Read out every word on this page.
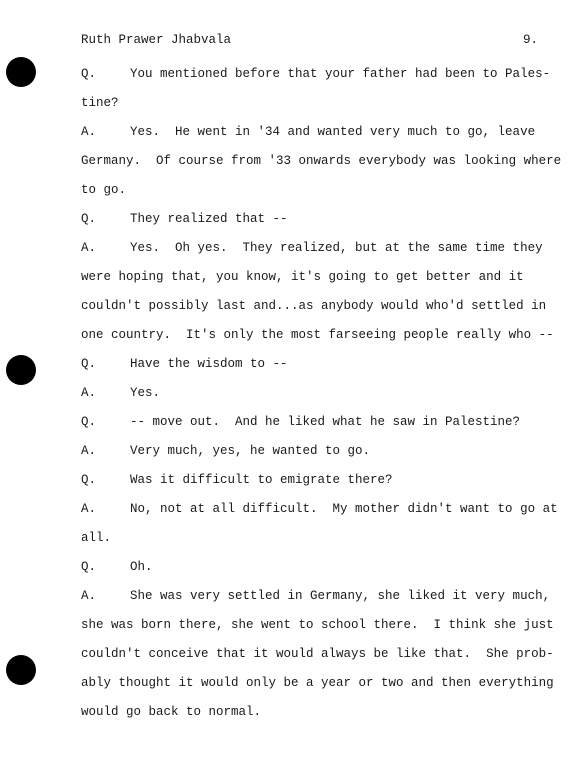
Ruth Prawer Jhabvala	9.
Q.	You mentioned before that your father had been to Pales-
tine?
A.	Yes.  He went in '34 and wanted very much to go, leave
Germany.  Of course from '33 onwards everybody was looking where
to go.
Q.	They realized that --
A.	Yes.  Oh yes.  They realized, but at the same time they
were hoping that, you know, it's going to get better and it
couldn't possibly last and...as anybody would who'd settled in
one country.  It's only the most farseeing people really who --
Q.	Have the wisdom to --
A.	Yes.
Q.	-- move out.  And he liked what he saw in Palestine?
A.	Very much, yes, he wanted to go.
Q.	Was it difficult to emigrate there?
A.	No, not at all difficult.  My mother didn't want to go at
all.
Q.	Oh.
A.	She was very settled in Germany, she liked it very much,
she was born there, she went to school there.  I think she just
couldn't conceive that it would always be like that.  She prob-
ably thought it would only be a year or two and then everything
would go back to normal.
